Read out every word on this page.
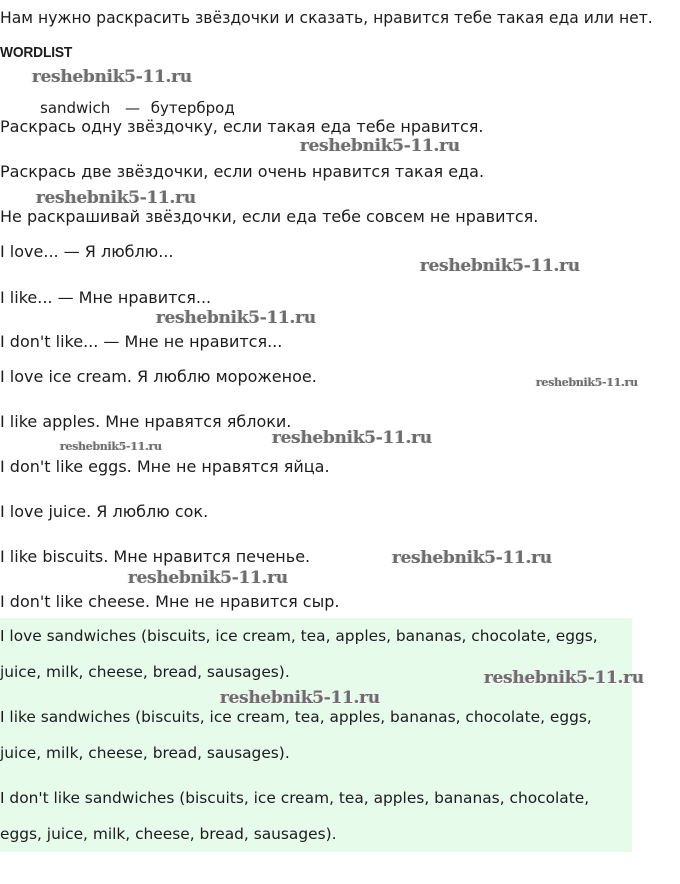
Нам нужно раскрасить звёздочки и сказать, нравится тебе такая еда или нет.
WORDLIST
sandwich — бутерброд
Раскрась одну звёздочку, если такая еда тебе нравится.
Раскрась две звёздочки, если очень нравится такая еда.
Не раскрашивай звёздочки, если еда тебе совсем не нравится.
I love... — Я люблю...
I like... — Мне нравится...
I don't like... — Мне не нравится...
I love ice cream. Я люблю мороженое.
I like apples. Мне нравятся яблоки.
I don't like eggs. Мне не нравятся яйца.
I love juice. Я люблю сок.
I like biscuits. Мне нравится печенье.
I don't like cheese. Мне не нравится сыр.
I love sandwiches (biscuits, ice cream, tea, apples, bananas, chocolate, eggs,
juice, milk, cheese, bread, sausages).
I like sandwiches (biscuits, ice cream, tea, apples, bananas, chocolate, eggs,
juice, milk, cheese, bread, sausages).
I don't like sandwiches (biscuits, ice cream, tea, apples, bananas, chocolate,
eggs, juice, milk, cheese, bread, sausages).
reshebnik5-11.ru
reshebnik5-11.ru
reshebnik5-11.ru
reshebnik5-11.ru
reshebnik5-11.ru
reshebnik5-11.ru
reshebnik5-11.ru
reshebnik5-11.ru
reshebnik5-11.ru
reshebnik5-11.ru
reshebnik5-11.ru
reshebnik5-11.ru
